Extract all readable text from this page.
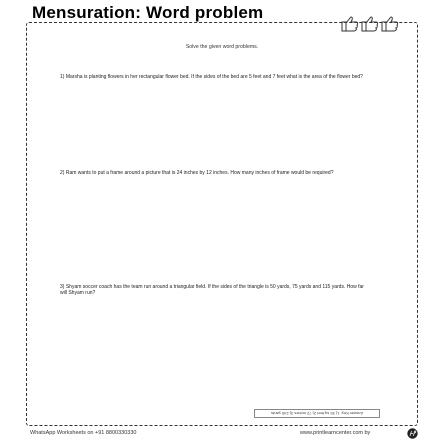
Mensuration: Word problem
Solve the given word problems.
1) Marsha is planting flowers in her rectangular flower bed. If the sides of the bed are 5 feet and 7 feet what is the area of the flower bed?
2) Ram wants to put a frame around a picture that is 24 inches by 12 inches. How many inches of frame would be required?
3) Shyam soccer coach has the team run around a triangular field. If the sides of the triangle is 50 yards, 75 yards and 115 yards. How far will Shyam run?
Answer Key: 1) 35 sq.feet 2) 72 inches 3) 240 yards
WhatsApp Worksheets on +91 8800330330	www.printlearncenter.com by
